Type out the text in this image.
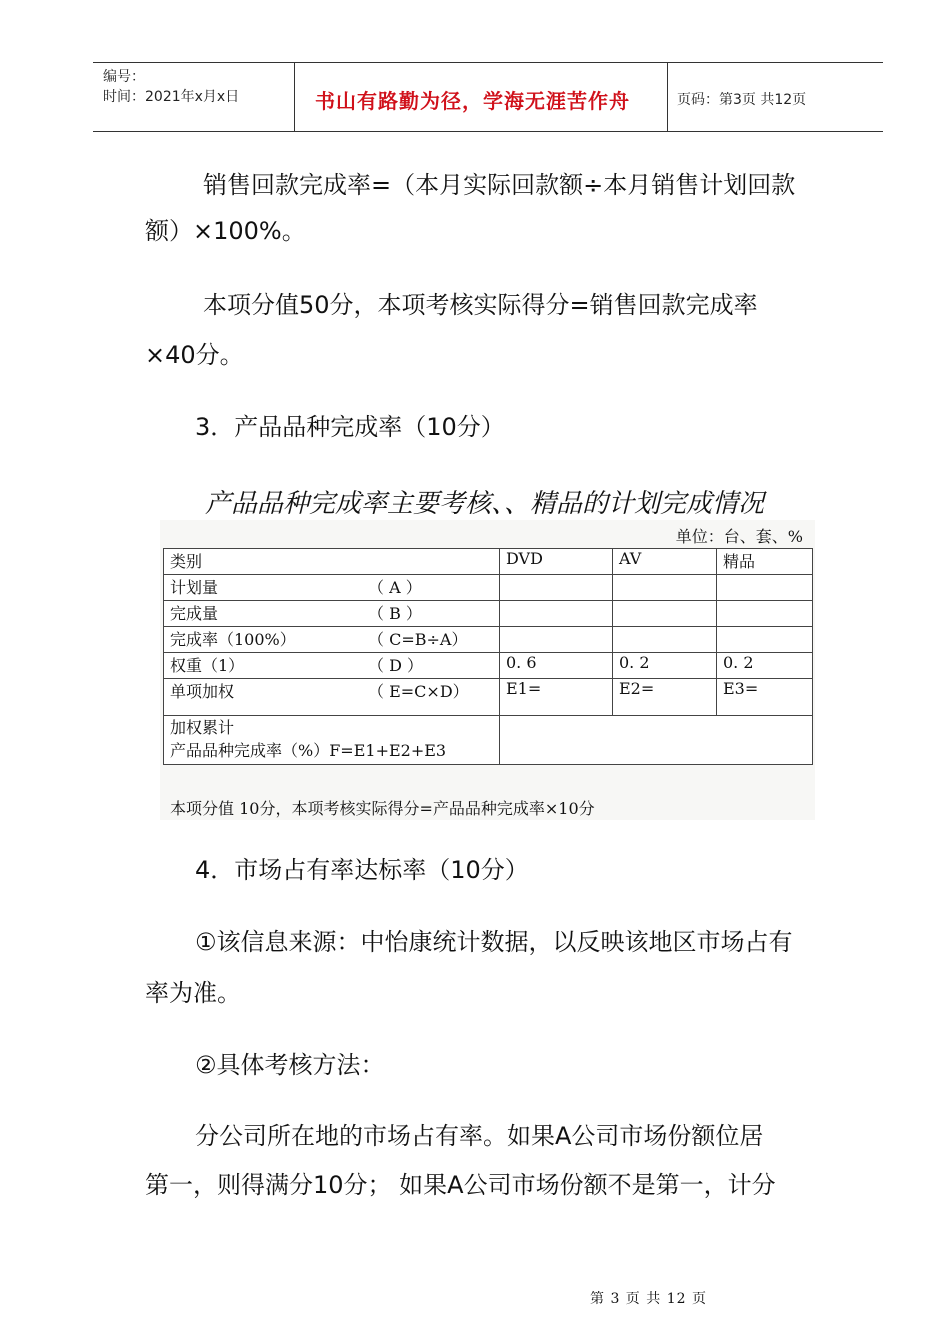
编号：
时间：2021年x月x日	书山有路勤为径，学海无涯苦作舟	页码：第3页 共12页
销售回款完成率=（本月实际回款额÷本月销售计划回款
额）×100%。
本项分值50分，本项考核实际得分=销售回款完成率
×40分。
3．产品品种完成率（10分）
产品品种完成率主要考核、、精品的计划完成情况
单位：台、套、%
类别	DVD	AV	精品

计划量 （ A ）			

完成量 （ B ）			

完成率（100%） （ C=B÷A）			

权重（1） （ D ）	0. 6	0. 2	0. 2

单项加权 （ E=C×D）	E1=	E2=	E3=

加权累计
产品品种完成率（%）F=E1+E2+E3			

本项分值 10分，本项考核实际得分=产品品种完成率×10分
4．市场占有率达标率（10分）
①该信息来源：中怡康统计数据，以反映该地区市场占有
率为准。
②具体考核方法：
分公司所在地的市场占有率。如果A公司市场份额位居
第一，则得满分10分； 如果A公司市场份额不是第一，计分
第 3 页 共 12 页
